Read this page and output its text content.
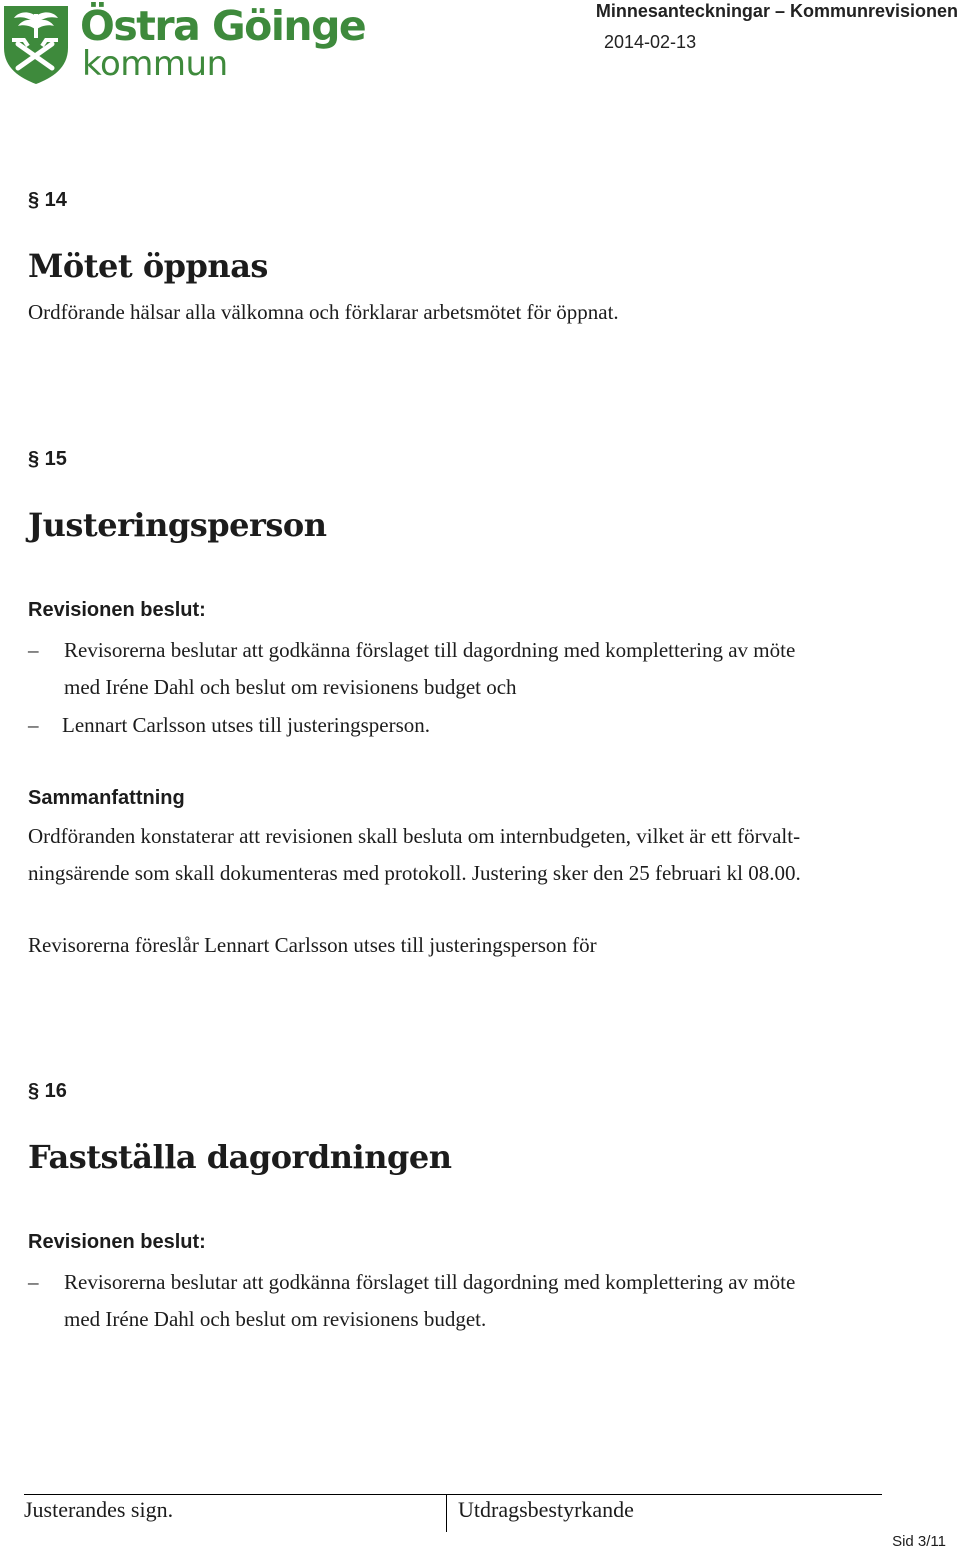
Östra Göinge
kommun
Minnesanteckningar – Kommunrevisionen
2014-02-13
§ 14
Mötet öppnas
Ordförande hälsar alla välkomna och förklarar arbetsmötet för öppnat.
§ 15
Justeringsperson
Revisionen beslut:
– Revisorerna beslutar att godkänna förslaget till dagordning med komplettering av möte
med Iréne Dahl och beslut om revisionens budget och
– Lennart Carlsson utses till justeringsperson.
Sammanfattning
Ordföranden konstaterar att revisionen skall besluta om internbudgeten, vilket är ett förvalt-
ningsärende som skall dokumenteras med protokoll. Justering sker den 25 februari kl 08.00.
Revisorerna föreslår Lennart Carlsson utses till justeringsperson för
§ 16
Fastställa dagordningen
Revisionen beslut:
– Revisorerna beslutar att godkänna förslaget till dagordning med komplettering av möte
med Iréne Dahl och beslut om revisionens budget.
Justerandes sign.	Utdragsbestyrkande
Sid 3/11
